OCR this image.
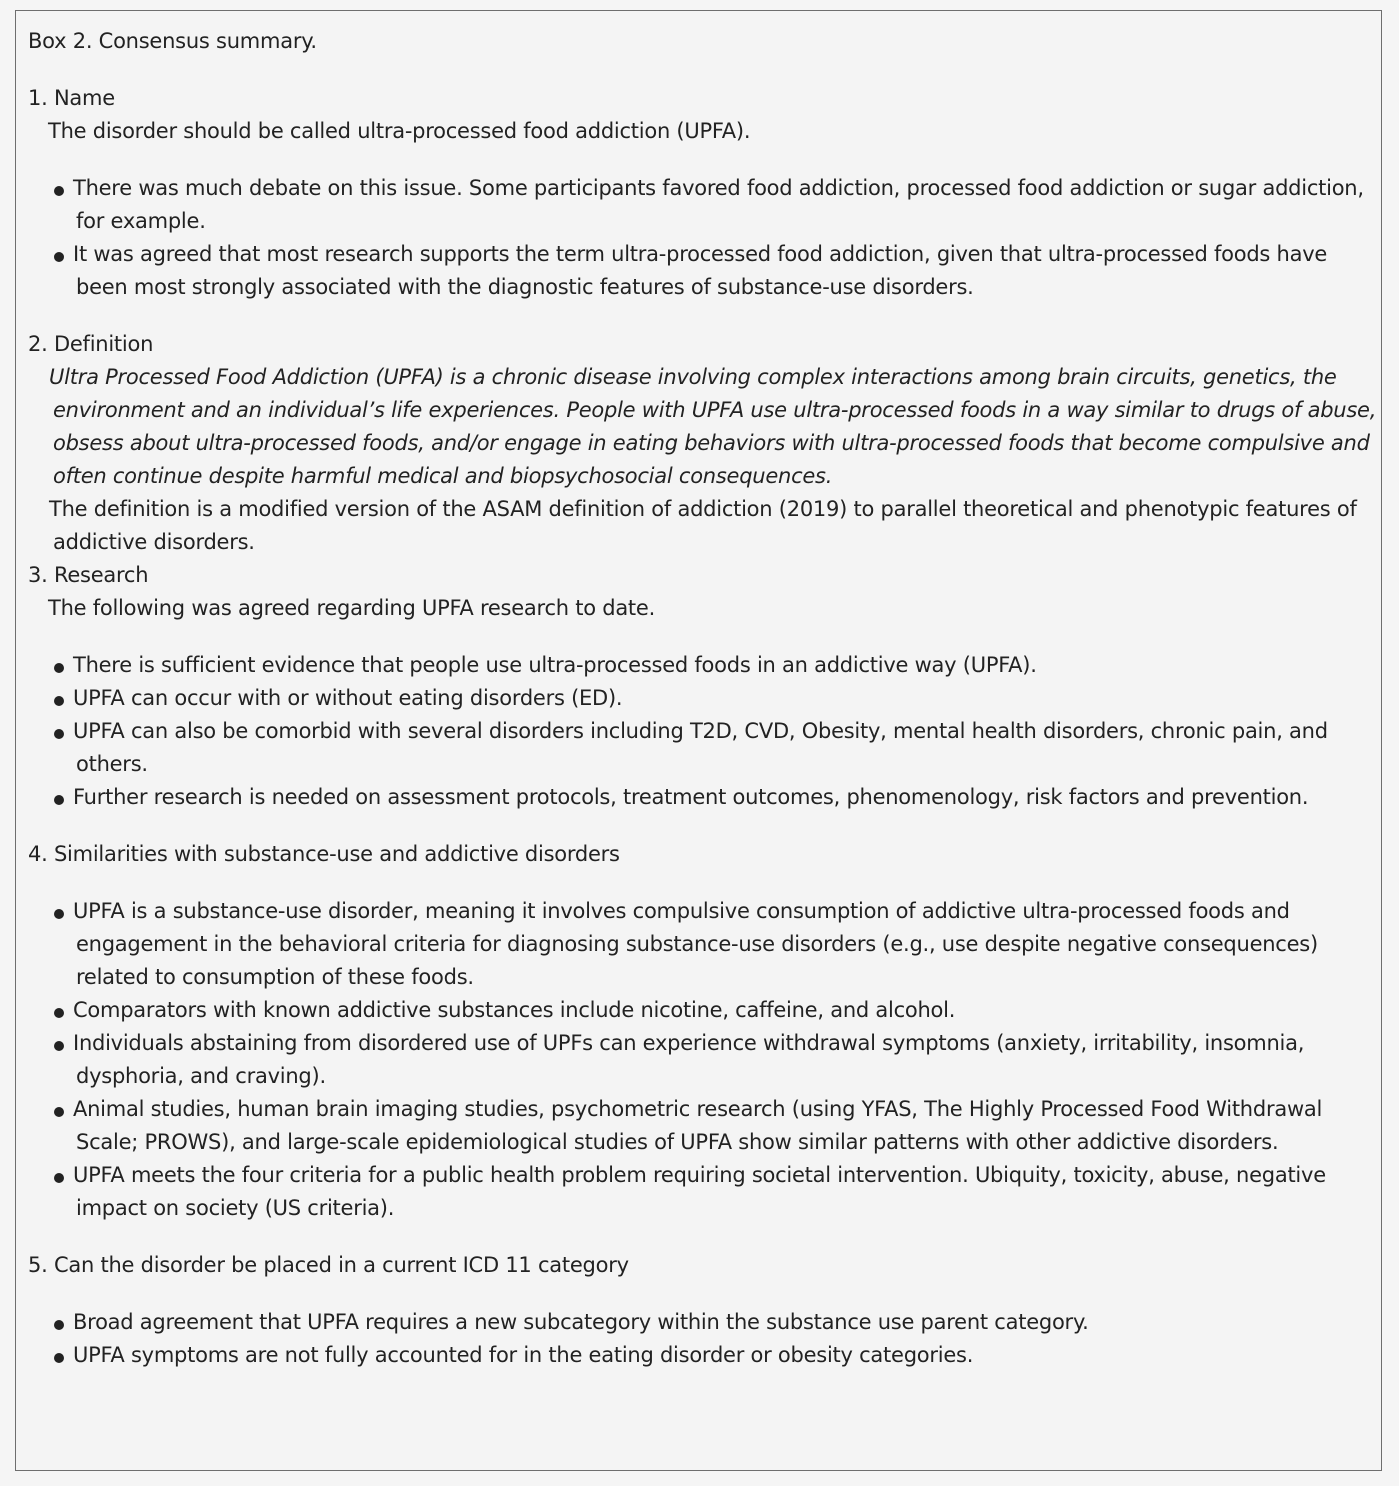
Box 2. Consensus summary.

1. Name

The disorder should be called ultra-processed food addiction (UPFA).

There was much debate on this issue. Some participants favored food addiction, processed food addiction or sugar addiction, for example.
It was agreed that most research supports the term ultra-processed food addiction, given that ultra-processed foods have been most strongly associated with the diagnostic features of substance-use disorders.

2. Definition

Ultra Processed Food Addiction (UPFA) is a chronic disease involving complex interactions among brain circuits, genetics, the environment and an individual’s life experiences. People with UPFA use ultra-processed foods in a way similar to drugs of abuse, obsess about ultra-processed foods, and/or engage in eating behaviors with ultra-processed foods that become compulsive and often continue despite harmful medical and biopsychosocial consequences.

The definition is a modified version of the ASAM definition of addiction (2019) to parallel theoretical and phenotypic features of addictive disorders.

3. Research

The following was agreed regarding UPFA research to date.

There is sufficient evidence that people use ultra-processed foods in an addictive way (UPFA).
UPFA can occur with or without eating disorders (ED).
UPFA can also be comorbid with several disorders including T2D, CVD, Obesity, mental health disorders, chronic pain, and others.
Further research is needed on assessment protocols, treatment outcomes, phenomenology, risk factors and prevention.

4. Similarities with substance-use and addictive disorders

UPFA is a substance-use disorder, meaning it involves compulsive consumption of addictive ultra-processed foods and engagement in the behavioral criteria for diagnosing substance-use disorders (e.g., use despite negative consequences) related to consumption of these foods.
Comparators with known addictive substances include nicotine, caffeine, and alcohol.
Individuals abstaining from disordered use of UPFs can experience withdrawal symptoms (anxiety, irritability, insomnia, dysphoria, and craving).
Animal studies, human brain imaging studies, psychometric research (using YFAS, The Highly Processed Food Withdrawal Scale; PROWS), and large-scale epidemiological studies of UPFA show similar patterns with other addictive disorders.
UPFA meets the four criteria for a public health problem requiring societal intervention. Ubiquity, toxicity, abuse, negative impact on society (US criteria).

5. Can the disorder be placed in a current ICD 11 category

Broad agreement that UPFA requires a new subcategory within the substance use parent category.
UPFA symptoms are not fully accounted for in the eating disorder or obesity categories.
